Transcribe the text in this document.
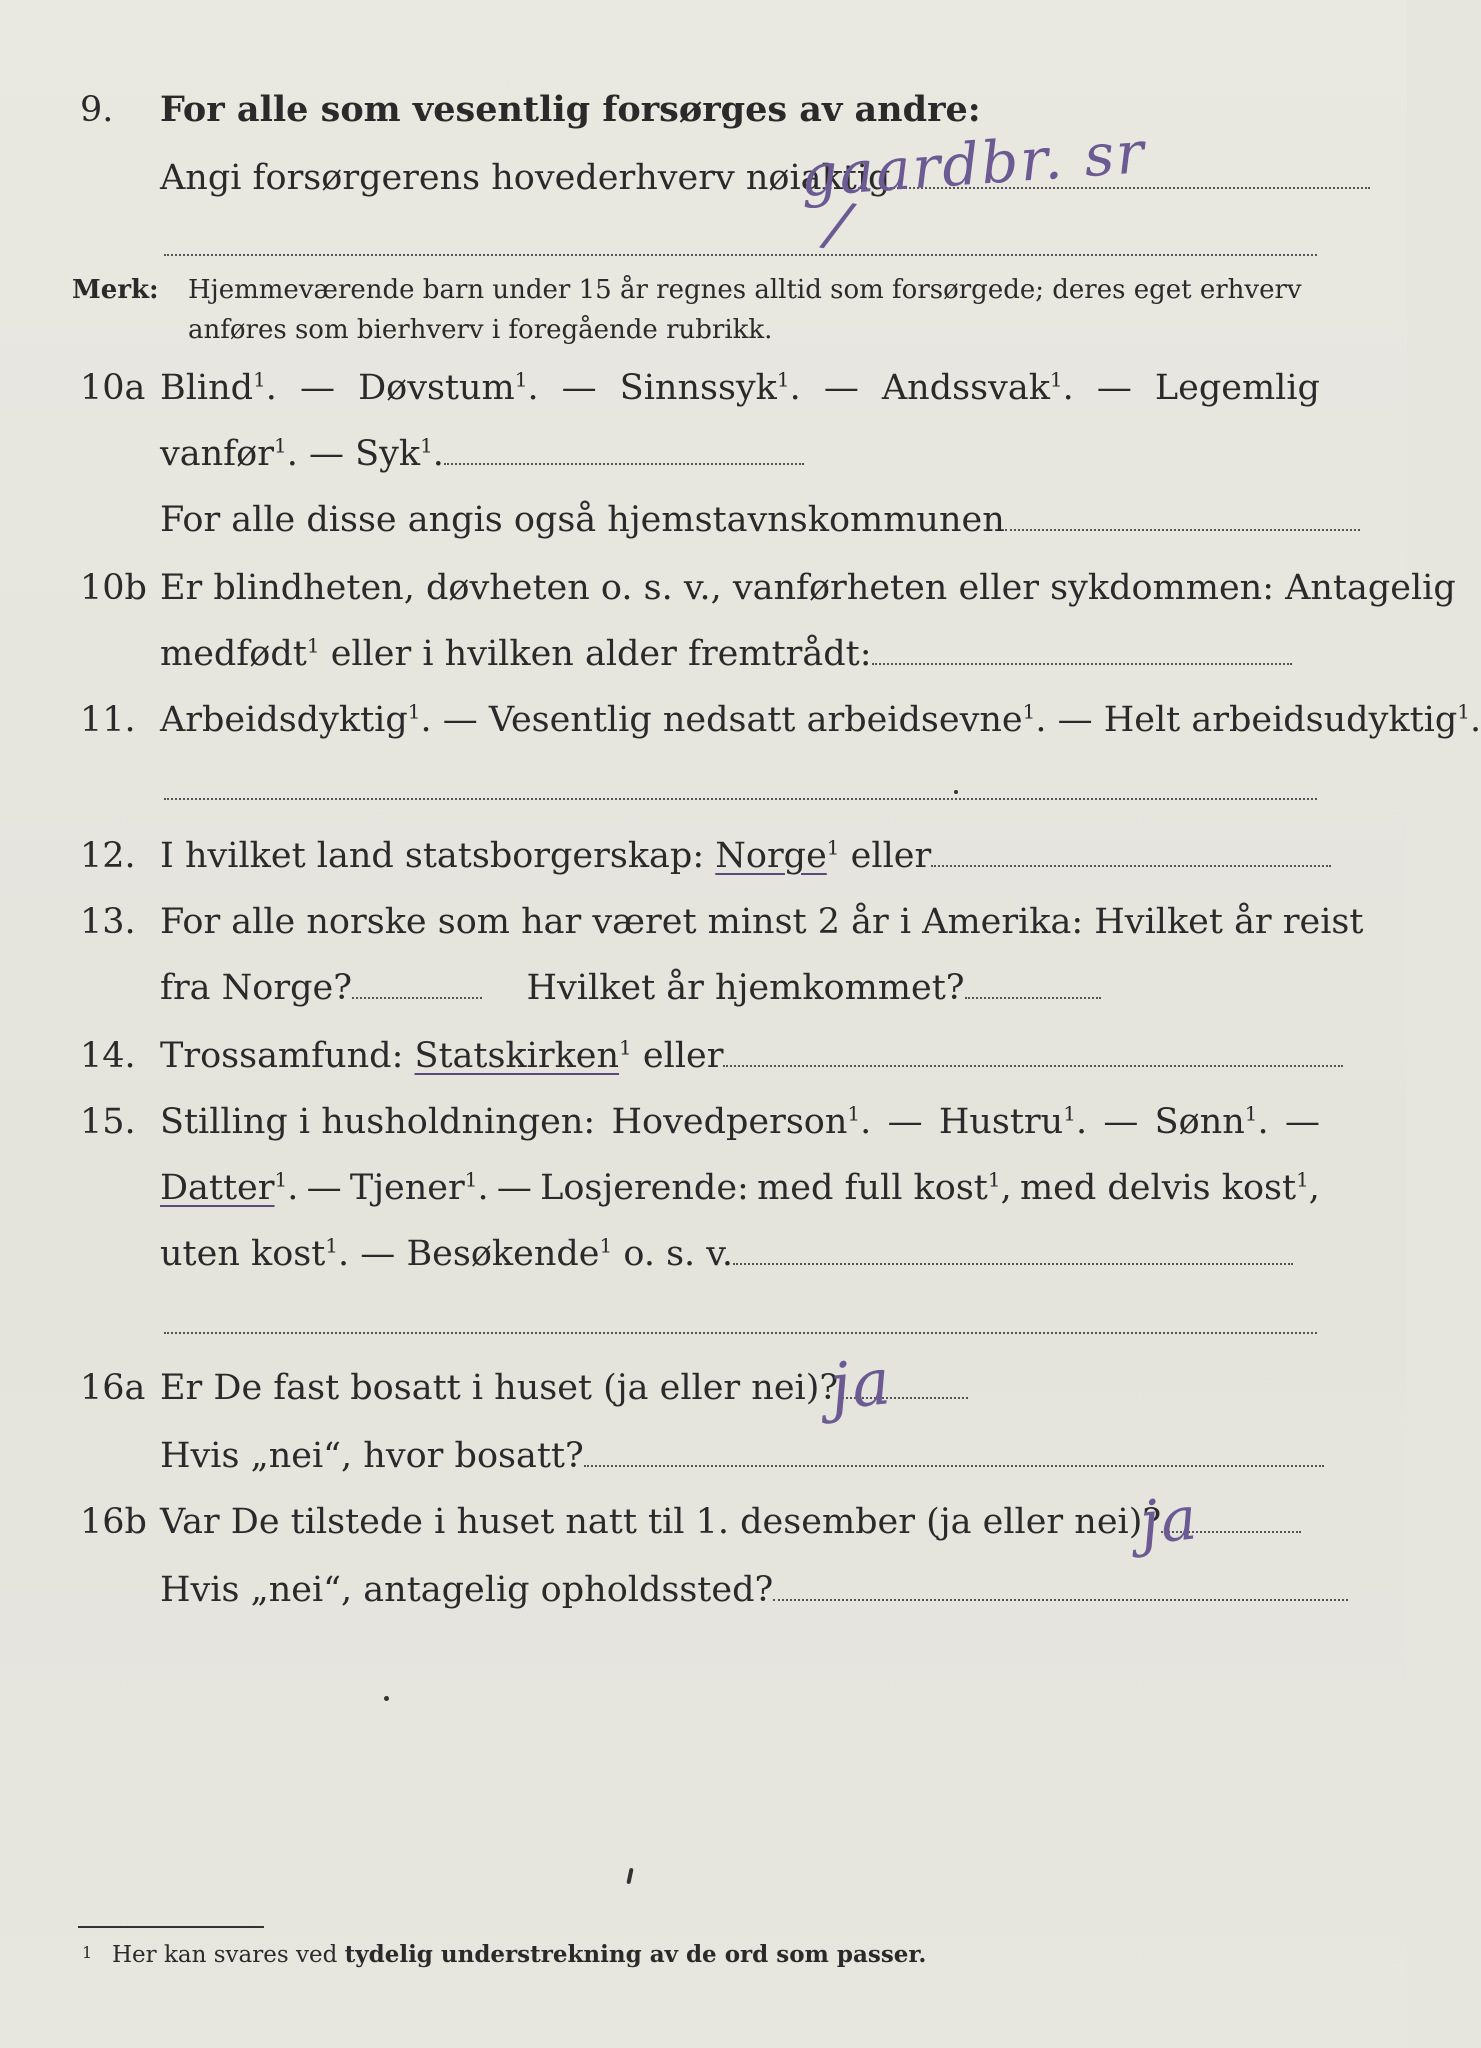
9.	For alle som vesentlig forsørges av andre:
Angi forsørgerens hovederhverv nøiaktig
gaardbr. sr
/
Merk: Hjemmeværende barn under 15 år regnes alltid som forsørgede; deres eget erhverv
anføres som bierhverv i foregående rubrikk.
10a Blind$^1$. — Døvstum$^1$. — Sinnssyk$^1$. — Andssvak$^1$. — Legemlig
vanfør$^1$. — Syk$^1$.
For alle disse angis også hjemstavnskommunen
10b Er blindheten, døvheten o. s. v., vanførheten eller sykdommen: Antagelig
medfødt$^1$ eller i hvilken alder fremtrådt:
11. Arbeidsdyktig$^1$. — Vesentlig nedsatt arbeidsevne$^1$. — Helt arbeidsudyktig$^1$.
12. I hvilket land statsborgerskap: Norge$^1$ eller
13. For alle norske som har været minst 2 år i Amerika: Hvilket år reist
fra Norge?	Hvilket år hjemkommet?
14. Trossamfund: Statskirken$^1$ eller
15. Stilling i husholdningen: Hovedperson$^1$. — Hustru$^1$. — Sønn$^1$. —
Datter$^1$. — Tjener$^1$. — Losjerende: med full kost$^1$, med delvis kost$^1$,
uten kost$^1$. — Besøkende$^1$ o. s. v.
16a Er De fast bosatt i huset (ja eller nei)?
ja
Hvis „nei“, hvor bosatt?
16b Var De tilstede i huset natt til 1. desember (ja eller nei)?
ja
Hvis „nei“, antagelig opholdssted?
1 Her kan svares ved tydelig understrekning av de ord som passer.
